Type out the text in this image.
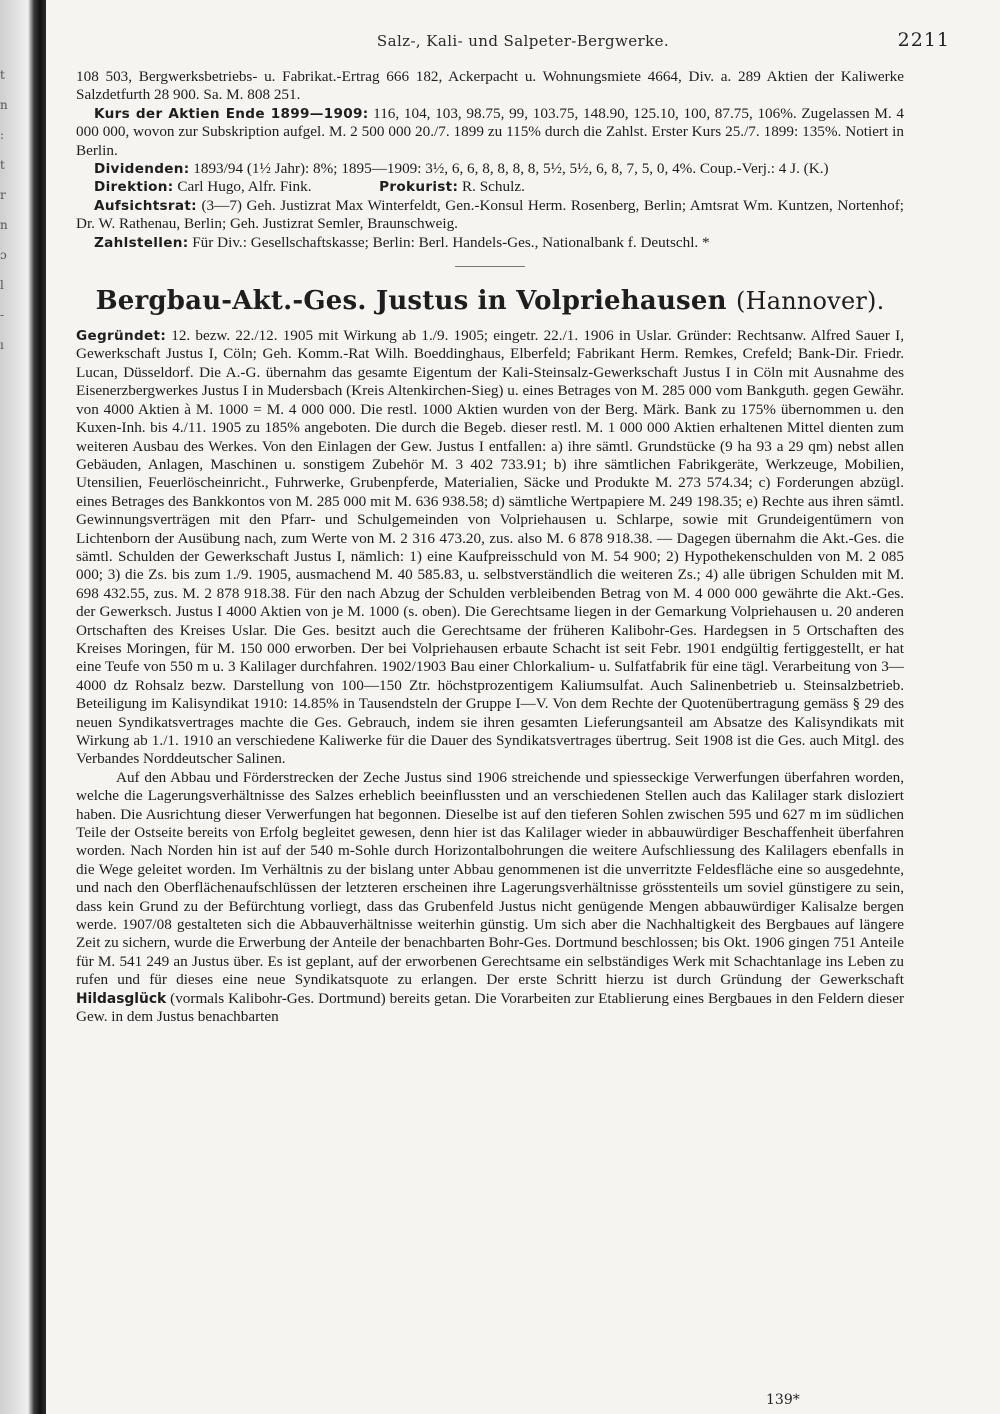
t
n
:
t
r
n
ɔ
l
-
ı
Salz-, Kali- und Salpeter-Bergwerke.	2211

108 503, Bergwerksbetriebs- u. Fabrikat.-Ertrag 666 182, Ackerpacht u. Wohnungsmiete 4664, Div. a. 289 Aktien der Kaliwerke Salzdetfurth 28 900. Sa. M. 808 251.

Kurs der Aktien Ende 1899—1909: 116, 104, 103, 98.75, 99, 103.75, 148.90, 125.10, 100, 87.75, 106%. Zugelassen M. 4 000 000, wovon zur Subskription aufgel. M. 2 500 000 20./7. 1899 zu 115% durch die Zahlst. Erster Kurs 25./7. 1899: 135%. Notiert in Berlin.

Dividenden: 1893/94 (1½ Jahr): 8%; 1895—1909: 3½, 6, 6, 8, 8, 8, 8, 5½, 5½, 6, 8, 7, 5, 0, 4%. Coup.-Verj.: 4 J. (K.)

Direktion: Carl Hugo, Alfr. Fink.	Prokurist: R. Schulz.

Aufsichtsrat: (3—7) Geh. Justizrat Max Winterfeldt, Gen.-Konsul Herm. Rosenberg, Berlin; Amtsrat Wm. Kuntzen, Nortenhof; Dr. W. Rathenau, Berlin; Geh. Justizrat Semler, Braunschweig.

Zahlstellen: Für Div.: Gesellschaftskasse; Berlin: Berl. Handels-Ges., Nationalbank f. Deutschl. *

Bergbau-Akt.-Ges. Justus in Volpriehausen (Hannover).

Gegründet: 12. bezw. 22./12. 1905 mit Wirkung ab 1./9. 1905; eingetr. 22./1. 1906 in Uslar. Gründer: Rechtsanw. Alfred Sauer I, Gewerkschaft Justus I, Cöln; Geh. Komm.-Rat Wilh. Boeddinghaus, Elberfeld; Fabrikant Herm. Remkes, Crefeld; Bank-Dir. Friedr. Lucan, Düsseldorf. Die A.-G. übernahm das gesamte Eigentum der Kali-Steinsalz-Gewerkschaft Justus I in Cöln mit Ausnahme des Eisenerzbergwerkes Justus I in Mudersbach (Kreis Altenkirchen-Sieg) u. eines Betrages von M. 285 000 vom Bankguth. gegen Gewähr. von 4000 Aktien à M. 1000 = M. 4 000 000. Die restl. 1000 Aktien wurden von der Berg. Märk. Bank zu 175% übernommen u. den Kuxen-Inh. bis 4./11. 1905 zu 185% angeboten. Die durch die Begeb. dieser restl. M. 1 000 000 Aktien erhaltenen Mittel dienten zum weiteren Ausbau des Werkes. Von den Einlagen der Gew. Justus I entfallen: a) ihre sämtl. Grundstücke (9 ha 93 a 29 qm) nebst allen Gebäuden, Anlagen, Maschinen u. sonstigem Zubehör M. 3 402 733.91; b) ihre sämtlichen Fabrikgeräte, Werkzeuge, Mobilien, Utensilien, Feuerlöscheinricht., Fuhrwerke, Grubenpferde, Materialien, Säcke und Produkte M. 273 574.34; c) Forderungen abzügl. eines Betrages des Bankkontos von M. 285 000 mit M. 636 938.58; d) sämtliche Wertpapiere M. 249 198.35; e) Rechte aus ihren sämtl. Gewinnungsverträgen mit den Pfarr- und Schulgemeinden von Volpriehausen u. Schlarpe, sowie mit Grundeigentümern von Lichtenborn der Ausübung nach, zum Werte von M. 2 316 473.20, zus. also M. 6 878 918.38. — Dagegen übernahm die Akt.-Ges. die sämtl. Schulden der Gewerkschaft Justus I, nämlich: 1) eine Kaufpreisschuld von M. 54 900; 2) Hypothekenschulden von M. 2 085 000; 3) die Zs. bis zum 1./9. 1905, ausmachend M. 40 585.83, u. selbstverständlich die weiteren Zs.; 4) alle übrigen Schulden mit M. 698 432.55, zus. M. 2 878 918.38. Für den nach Abzug der Schulden verbleibenden Betrag von M. 4 000 000 gewährte die Akt.-Ges. der Gewerksch. Justus I 4000 Aktien von je M. 1000 (s. oben). Die Gerechtsame liegen in der Gemarkung Volpriehausen u. 20 anderen Ortschaften des Kreises Uslar. Die Ges. besitzt auch die Gerechtsame der früheren Kalibohr-Ges. Hardegsen in 5 Ortschaften des Kreises Moringen, für M. 150 000 erworben. Der bei Volpriehausen erbaute Schacht ist seit Febr. 1901 endgültig fertiggestellt, er hat eine Teufe von 550 m u. 3 Kalilager durchfahren. 1902/1903 Bau einer Chlorkalium- u. Sulfatfabrik für eine tägl. Verarbeitung von 3—4000 dz Rohsalz bezw. Darstellung von 100—150 Ztr. höchstprozentigem Kaliumsulfat. Auch Salinenbetrieb u. Steinsalzbetrieb. Beteiligung im Kalisyndikat 1910: 14.85% in Tausendsteln der Gruppe I—V. Von dem Rechte der Quotenübertragung gemäss § 29 des neuen Syndikatsvertrages machte die Ges. Gebrauch, indem sie ihren gesamten Lieferungsanteil am Absatze des Kalisyndikats mit Wirkung ab 1./1. 1910 an verschiedene Kaliwerke für die Dauer des Syndikatsvertrages übertrug. Seit 1908 ist die Ges. auch Mitgl. des Verbandes Norddeutscher Salinen.

Auf den Abbau und Förderstrecken der Zeche Justus sind 1906 streichende und spiesseckige Verwerfungen überfahren worden, welche die Lagerungsverhältnisse des Salzes erheblich beeinflussten und an verschiedenen Stellen auch das Kalilager stark disloziert haben. Die Ausrichtung dieser Verwerfungen hat begonnen. Dieselbe ist auf den tieferen Sohlen zwischen 595 und 627 m im südlichen Teile der Ostseite bereits von Erfolg begleitet gewesen, denn hier ist das Kalilager wieder in abbauwürdiger Beschaffenheit überfahren worden. Nach Norden hin ist auf der 540 m-Sohle durch Horizontalbohrungen die weitere Aufschliessung des Kalilagers ebenfalls in die Wege geleitet worden. Im Verhältnis zu der bislang unter Abbau genommenen ist die unverritzte Feldesfläche eine so ausgedehnte, und nach den Oberflächenaufschlüssen der letzteren erscheinen ihre Lagerungsverhältnisse grösstenteils um soviel günstigere zu sein, dass kein Grund zu der Befürchtung vorliegt, dass das Grubenfeld Justus nicht genügende Mengen abbauwürdiger Kalisalze bergen werde. 1907/08 gestalteten sich die Abbauverhältnisse weiterhin günstig. Um sich aber die Nachhaltigkeit des Bergbaues auf längere Zeit zu sichern, wurde die Erwerbung der Anteile der benachbarten Bohr-Ges. Dortmund beschlossen; bis Okt. 1906 gingen 751 Anteile für M. 541 249 an Justus über. Es ist geplant, auf der erworbenen Gerechtsame ein selbständiges Werk mit Schachtanlage ins Leben zu rufen und für dieses eine neue Syndikatsquote zu erlangen. Der erste Schritt hierzu ist durch Gründung der Gewerkschaft Hildasglück (vormals Kalibohr-Ges. Dortmund) bereits getan. Die Vorarbeiten zur Etablierung eines Bergbaues in den Feldern dieser Gew. in dem Justus benachbarten

139*
